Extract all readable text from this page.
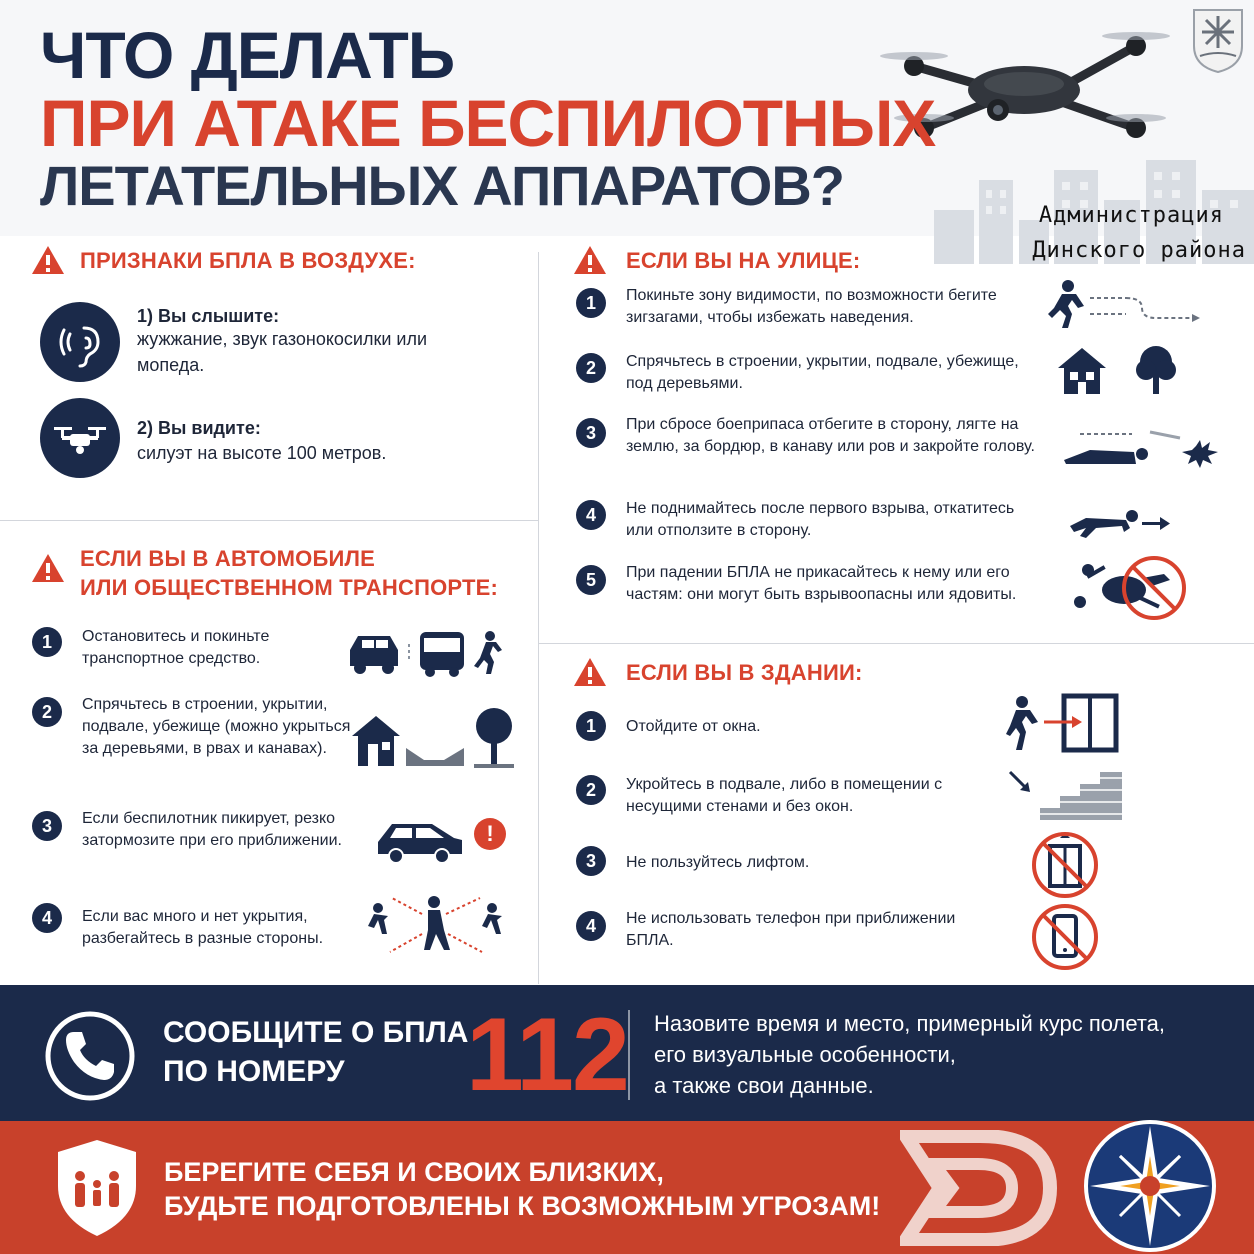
ЧТО ДЕЛАТЬ
ПРИ АТАКЕ БЕСПИЛОТНЫХ
ЛЕТАТЕЛЬНЫХ АППАРАТОВ?	Администрация
Динского района
ПРИЗНАКИ БПЛА В ВОЗДУХЕ:
1) Вы слышите:
жужжание, звук газонокосилки или мопеда.
2) Вы видите:
силуэт на высоте 100 метров.
ЕСЛИ ВЫ В АВТОМОБИЛЕ
ИЛИ ОБЩЕСТВЕННОМ ТРАНСПОРТЕ:
1	Остановитесь и покиньте транспортное средство.
2	Спрячьтесь в строении, укрытии, подвале, убежище (можно укрыться за деревьями, в рвах и канавах).
3	Если беспилотник пикирует, резко затормозите при его приближении.	!
4	Если вас много и нет укрытия, разбегайтесь в разные стороны.
ЕСЛИ ВЫ НА УЛИЦЕ:
1	Покиньте зону видимости, по возможности бегите зигзагами, чтобы избежать наведения.
2	Спрячьтесь в строении, укрытии, подвале, убежище, под деревьями.
3	При сбросе боеприпаса отбегите в сторону, лягте на землю, за бордюр, в канаву или ров и закройте голову.
4	Не поднимайтесь после первого взрыва, откатитесь или отползите в сторону.
5	При падении БПЛА не прикасайтесь к нему или его частям: они могут быть взрывоопасны или ядовиты.
ЕСЛИ ВЫ В ЗДАНИИ:
1	Отойдите от окна.
2	Укройтесь в подвале, либо в помещении с несущими стенами и без окон.
3	Не пользуйтесь лифтом.
4	Не использовать телефон при приближении БПЛА.
СООБЩИТЕ О БПЛА
ПО НОМЕРУ 112 Назовите время и место, примерный курс полета,
его визуальные особенности,
а также свои данные.
БЕРЕГИТЕ СЕБЯ И СВОИХ БЛИЗКИХ,
БУДЬТЕ ПОДГОТОВЛЕНЫ К ВОЗМОЖНЫМ УГРОЗАМ!
